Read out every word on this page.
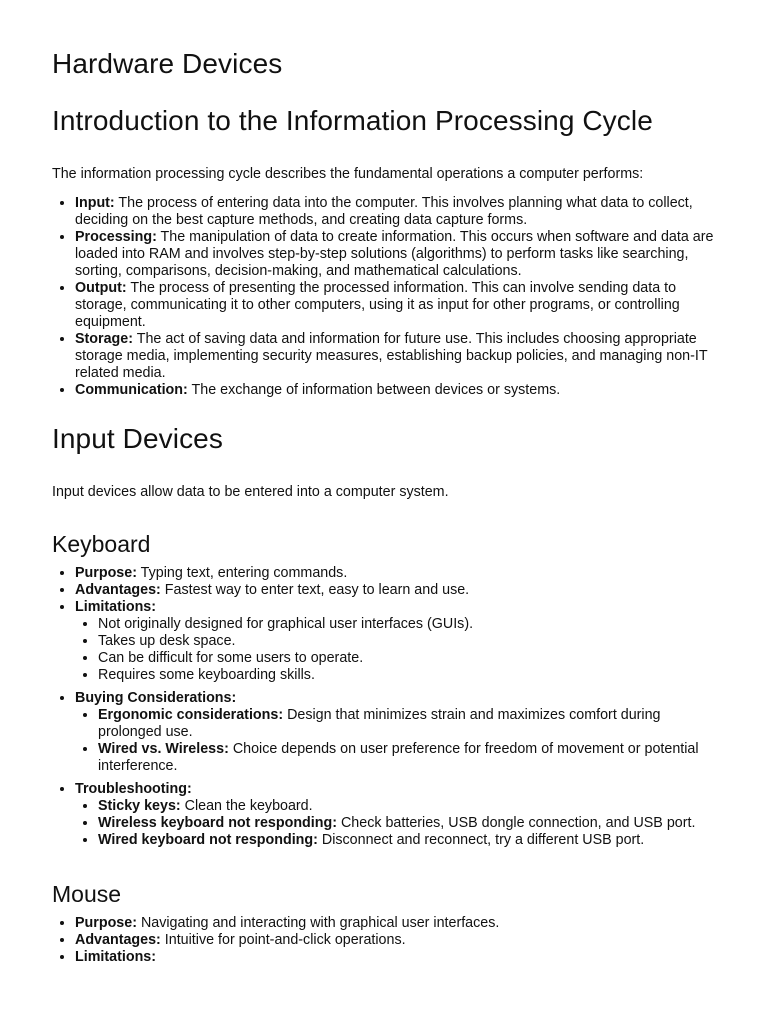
Hardware Devices
Introduction to the Information Processing Cycle

The information processing cycle describes the fundamental operations a computer performs:

• Input: The process of entering data into the computer. This involves planning what data to collect, deciding on the best capture methods, and creating data capture forms.
• Processing: The manipulation of data to create information. This occurs when software and data are loaded into RAM and involves step-by-step solutions (algorithms) to perform tasks like searching, sorting, comparisons, decision-making, and mathematical calculations.
• Output: The process of presenting the processed information. This can involve sending data to storage, communicating it to other computers, using it as input for other programs, or controlling equipment.
• Storage: The act of saving data and information for future use. This includes choosing appropriate storage media, implementing security measures, establishing backup policies, and managing non-IT related media.
• Communication: The exchange of information between devices or systems.
Input Devices

Input devices allow data to be entered into a computer system.

Keyboard
• Purpose: Typing text, entering commands.
• Advantages: Fastest way to enter text, easy to learn and use.
• Limitations:
• Not originally designed for graphical user interfaces (GUIs).
• Takes up desk space.
• Can be difficult for some users to operate.
• Requires some keyboarding skills.
• Buying Considerations:
• Ergonomic considerations: Design that minimizes strain and maximizes comfort during prolonged use.
• Wired vs. Wireless: Choice depends on user preference for freedom of movement or potential interference.
• Troubleshooting:
• Sticky keys: Clean the keyboard.
• Wireless keyboard not responding: Check batteries, USB dongle connection, and USB port.
• Wired keyboard not responding: Disconnect and reconnect, try a different USB port.
Mouse
• Purpose: Navigating and interacting with graphical user interfaces.
• Advantages: Intuitive for point-and-click operations.
• Limitations:
